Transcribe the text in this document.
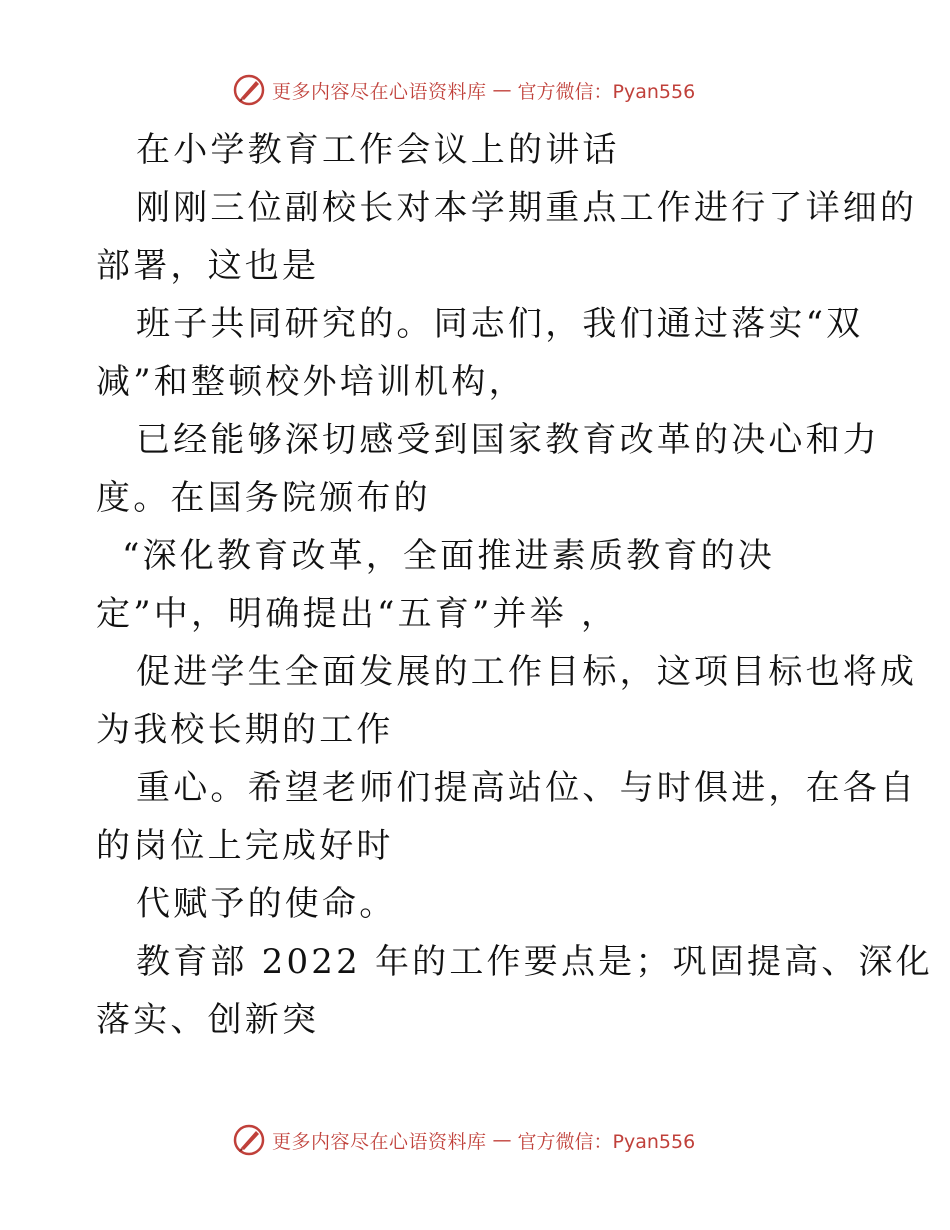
更多内容尽在心语资料库 — 官方微信：Pyan556

在小学教育工作会议上的讲话

刚刚三位副校长对本学期重点工作进行了详细的

部署，这也是

班子共同研究的。同志们，我们通过落实“双

减”和整顿校外培训机构，

已经能够深切感受到国家教育改革的决心和力

度。在国务院颁布的

“深化教育改革，全面推进素质教育的决

定”中，明确提出“五育”并举 ，

促进学生全面发展的工作目标，这项目标也将成

为我校长期的工作

重心。希望老师们提高站位、与时俱进，在各自

的岗位上完成好时

代赋予的使命。

教育部 2022 年的工作要点是；巩固提高、深化

落实、创新突

更多内容尽在心语资料库 — 官方微信：Pyan556
